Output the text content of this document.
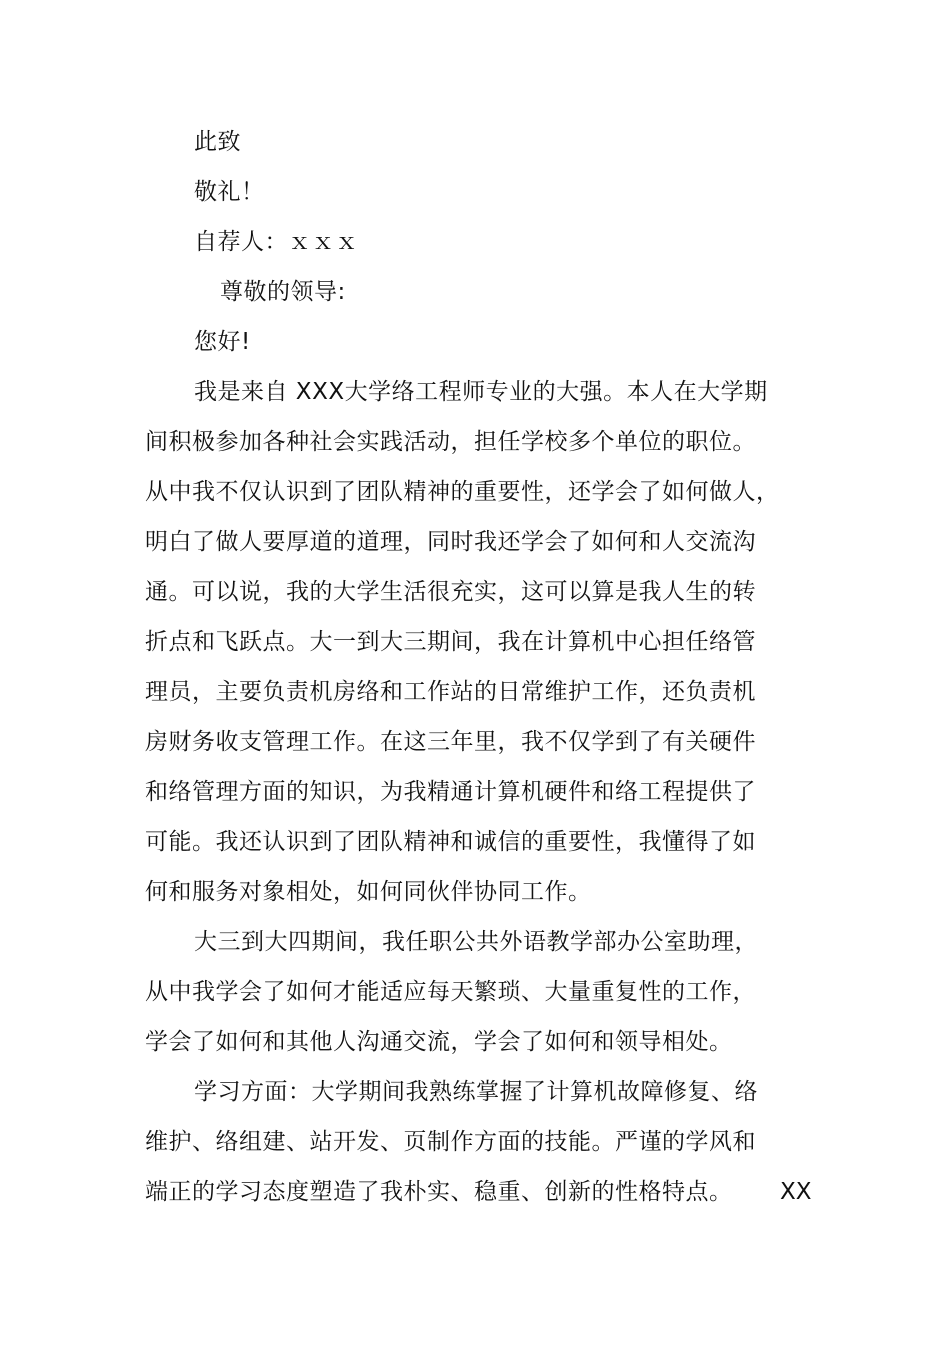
此致
敬礼！
自荐人：ｘｘｘ
尊敬的领导:
您好!
我是来自 XXX大学络工程师专业的大强。本人在大学期
间积极参加各种社会实践活动，担任学校多个单位的职位。
从中我不仅认识到了团队精神的重要性，还学会了如何做人，
明白了做人要厚道的道理，同时我还学会了如何和人交流沟
通。可以说，我的大学生活很充实，这可以算是我人生的转
折点和飞跃点。大一到大三期间，我在计算机中心担任络管
理员，主要负责机房络和工作站的日常维护工作，还负责机
房财务收支管理工作。在这三年里，我不仅学到了有关硬件
和络管理方面的知识，为我精通计算机硬件和络工程提供了
可能。我还认识到了团队精神和诚信的重要性，我懂得了如
何和服务对象相处，如何同伙伴协同工作。
大三到大四期间，我任职公共外语教学部办公室助理，
从中我学会了如何才能适应每天繁琐、大量重复性的工作，
学会了如何和其他人沟通交流，学会了如何和领导相处。
学习方面：大学期间我熟练掌握了计算机故障修复、络
维护、络组建、站开发、页制作方面的技能。严谨的学风和
端正的学习态度塑造了我朴实、稳重、创新的性格特点。 XX
